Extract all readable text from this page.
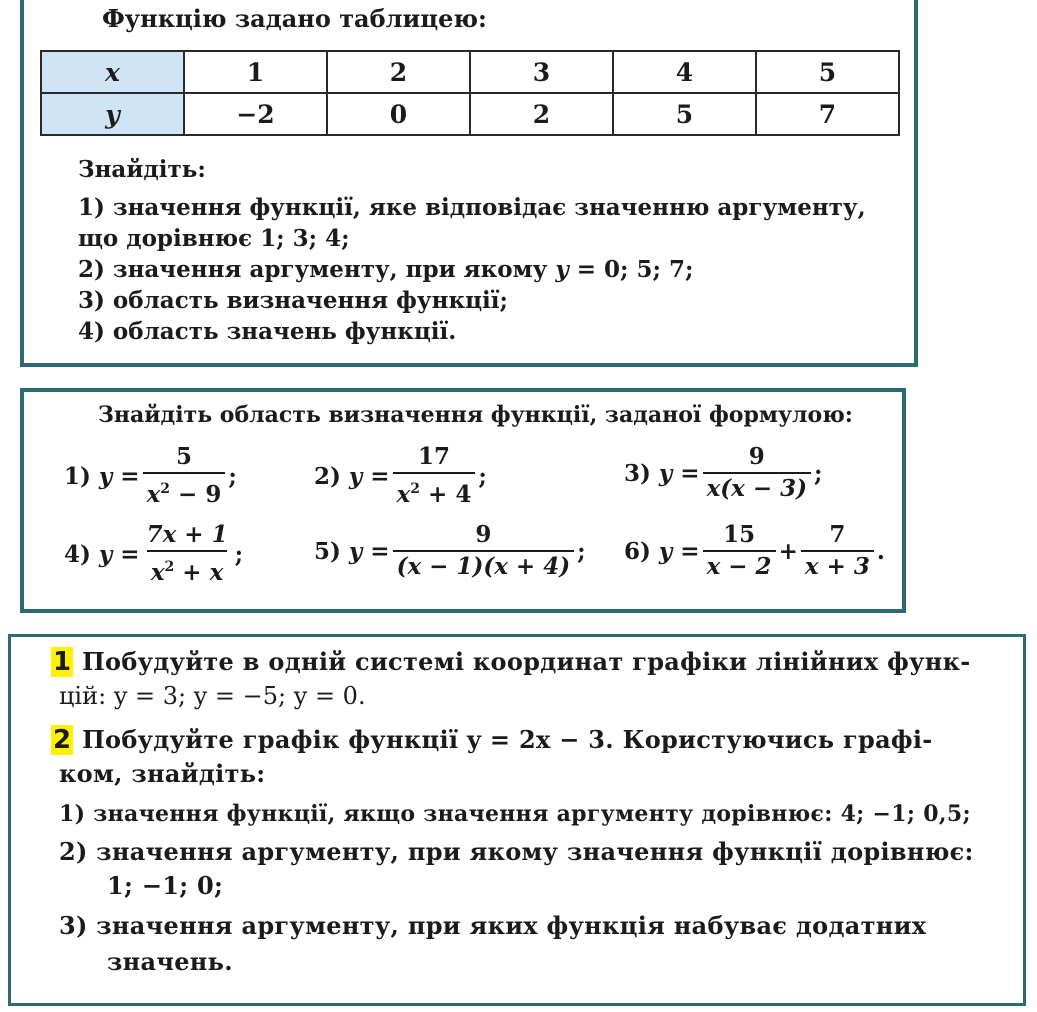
Функцію задано таблицею:
x	1	2	3	4	5
y	−2	0	2	5	7
Знайдіть:
1) значення функції, яке відповідає значенню аргументу,
що дорівнює 1; 3; 4;
2) значення аргументу, при якому y = 0; 5; 7;
3) область визначення функції;
4) область значень функції.
Знайдіть область визначення функції, заданої формулою:
1)
$y = \frac{5}{x^2 - 9}$ ;	2)
$y = \frac{17}{x^2 + 4}$ ;	3)
$y = \frac{9}{x(x - 3)}$ ;
4)
$y = \frac{7x + 1}{x^2 + x}$ ;	5)
$y = \frac{9}{(x - 1)(x + 4)}$ ; 6)
$y = \frac{15}{x - 2} + \frac{7}{x + 3}$ .
1 Побудуйте в одній системі координат графіки лінійних функ-
цій: y = 3; y = −5; y = 0.
2 Побудуйте графік функції y = 2x − 3. Користуючись графі-
ком, знайдіть:
1) значення функції, якщо значення аргументу дорівнює: 4; −1; 0,5;
2) значення аргументу, при якому значення функції дорівнює:
1; −1; 0;
3) значення аргументу, при яких функція набуває додатних
значень.
